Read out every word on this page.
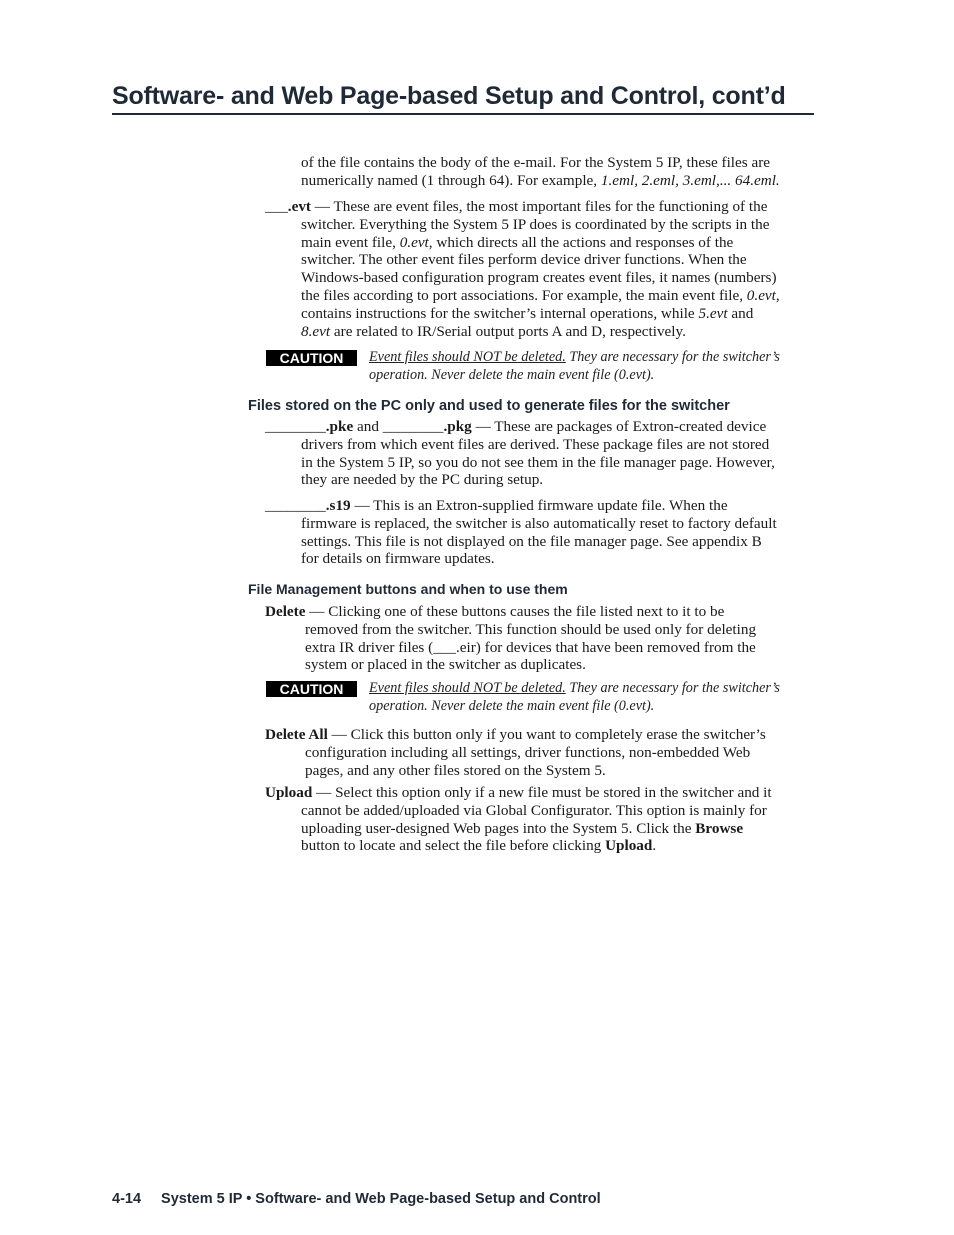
Software- and Web Page-based Setup and Control, cont’d
of the file contains the body of the e-mail. For the System 5 IP, these files are
numerically named (1 through 64). For example, 1.eml, 2.eml, 3.eml,... 64.eml.
___.evt — These are event files, the most important files for the functioning of the
switcher. Everything the System 5 IP does is coordinated by the scripts in the
main event file, 0.evt, which directs all the actions and responses of the
switcher. The other event files perform device driver functions. When the
Windows-based configuration program creates event files, it names (numbers)
the files according to port associations. For example, the main event file, 0.evt,
contains instructions for the switcher’s internal operations, while 5.evt and
8.evt are related to IR/Serial output ports A and D, respectively.
CAUTION	Event files should NOT be deleted. They are necessary for the switcher’s
operation. Never delete the main event file (0.evt).
Files stored on the PC only and used to generate files for the switcher
________.pke and ________.pkg — These are packages of Extron-created device
drivers from which event files are derived. These package files are not stored
in the System 5 IP, so you do not see them in the file manager page. However,
they are needed by the PC during setup.
________.s19 — This is an Extron-supplied firmware update file. When the
firmware is replaced, the switcher is also automatically reset to factory default
settings. This file is not displayed on the file manager page. See appendix B
for details on firmware updates.
File Management buttons and when to use them
Delete — Clicking one of these buttons causes the file listed next to it to be
removed from the switcher. This function should be used only for deleting
extra IR driver files (___.eir) for devices that have been removed from the
system or placed in the switcher as duplicates.
CAUTION	Event files should NOT be deleted. They are necessary for the switcher’s
operation. Never delete the main event file (0.evt).
Delete All — Click this button only if you want to completely erase the switcher’s
configuration including all settings, driver functions, non-embedded Web
pages, and any other files stored on the System 5.
Upload — Select this option only if a new file must be stored in the switcher and it
cannot be added/uploaded via Global Configurator. This option is mainly for
uploading user-designed Web pages into the System 5. Click the Browse
button to locate and select the file before clicking Upload.
4-14 System 5 IP • Software- and Web Page-based Setup and Control
